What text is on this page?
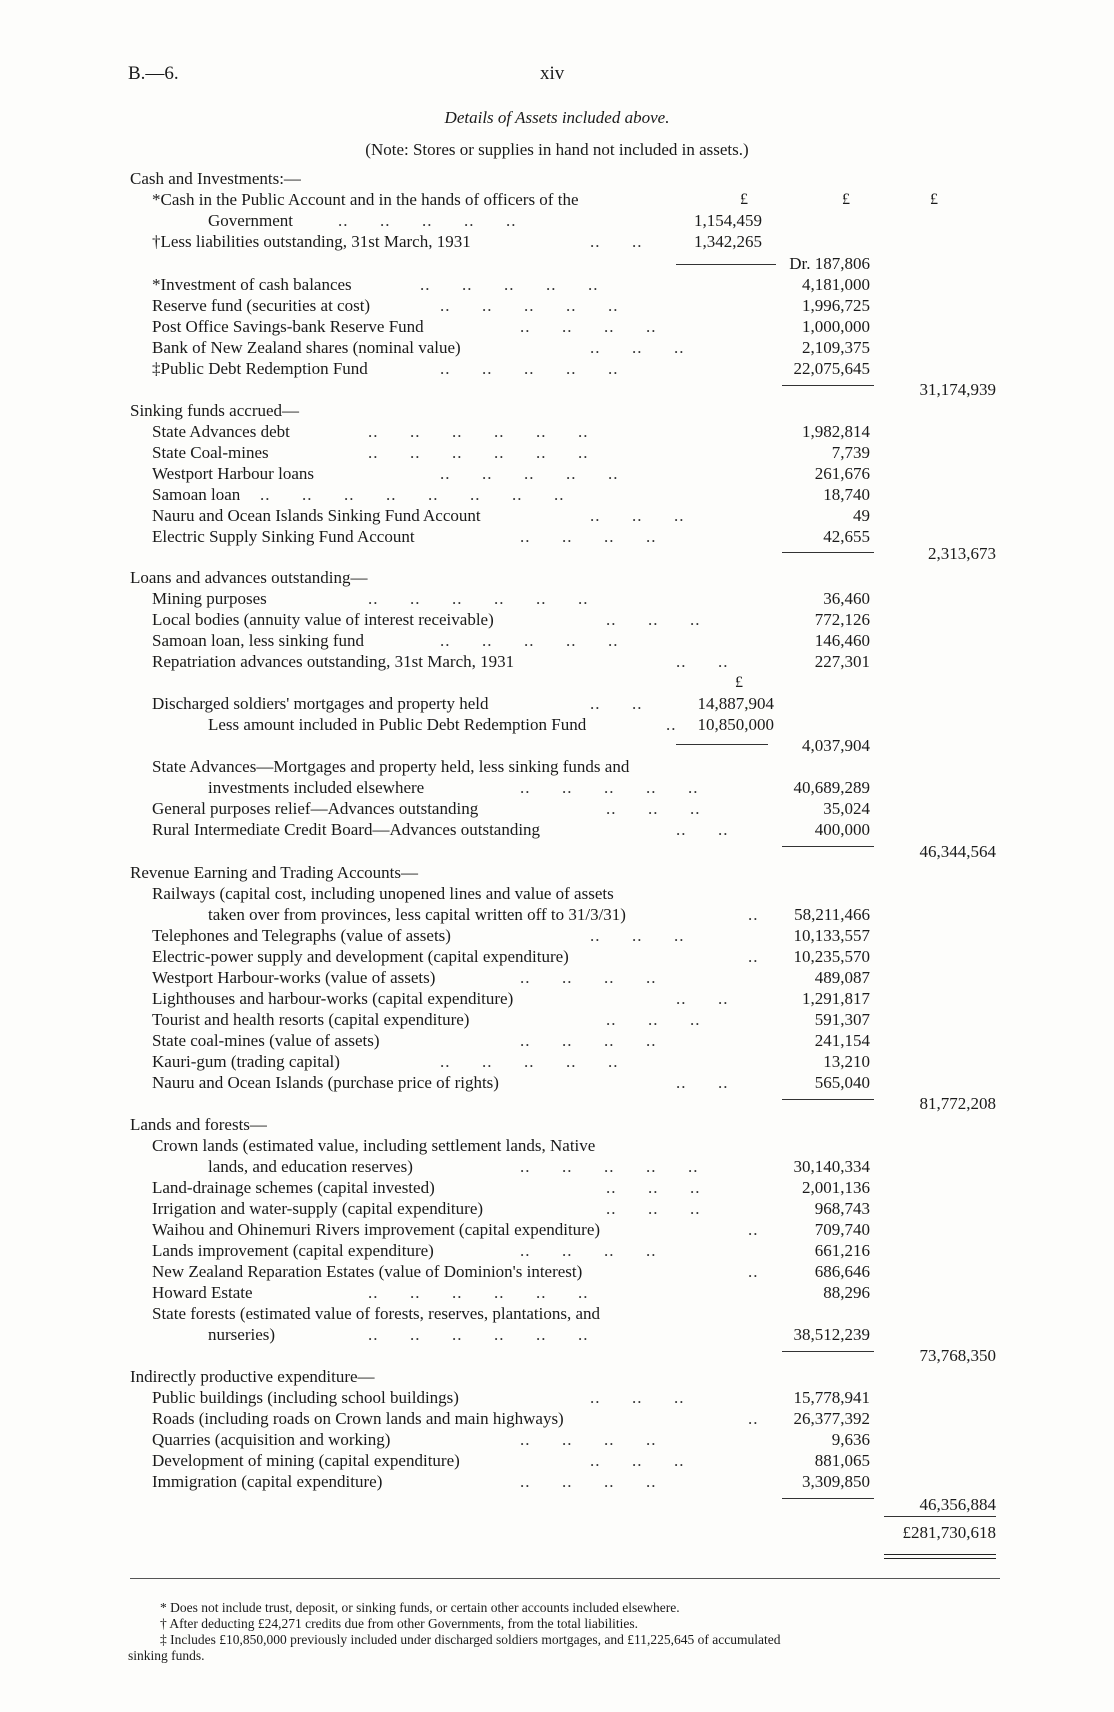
B.—6.	xiv
Details of Assets included above.
(Note: Stores or supplies in hand not included in assets.)
Cash and Investments:—
*Cash in the Public Account and in the hands of officers of the	£	£	£
Government	..      ..      ..      ..      ..	1,154,459
†Less liabilities outstanding, 31st March, 1931	..      ..	1,342,265
Dr. 187,806
*Investment of cash balances	..      ..      ..      ..      ..	4,181,000
Reserve fund (securities at cost)	..      ..      ..      ..      ..	1,996,725
Post Office Savings-bank Reserve Fund	..      ..      ..      ..	1,000,000
Bank of New Zealand shares (nominal value)	..      ..      ..	2,109,375
‡Public Debt Redemption Fund	..      ..      ..      ..      ..	22,075,645
31,174,939
Sinking funds accrued—
State Advances debt	..      ..      ..      ..      ..      ..	1,982,814
State Coal-mines	..      ..      ..      ..      ..      ..	7,739
Westport Harbour loans	..      ..      ..      ..      ..	261,676
Samoan loan ..      ..      ..      ..      ..      ..      ..      ..	18,740
Nauru and Ocean Islands Sinking Fund Account	..      ..      ..	49
Electric Supply Sinking Fund Account	..      ..      ..      ..	42,655
2,313,673
Loans and advances outstanding—
Mining purposes	..      ..      ..      ..      ..      ..	36,460
Local bodies (annuity value of interest receivable)	..      ..      ..	772,126
Samoan loan, less sinking fund	..      ..      ..      ..      ..	146,460
Repatriation advances outstanding, 31st March, 1931	..      ..	227,301
£
Discharged soldiers' mortgages and property held	..      ..	14,887,904
Less amount included in Public Debt Redemption Fund	.. 10,850,000
4,037,904
State Advances—Mortgages and property held, less sinking funds and
investments included elsewhere	..      ..      ..      ..      ..	40,689,289
General purposes relief—Advances outstanding	..      ..      ..	35,024
Rural Intermediate Credit Board—Advances outstanding	..      ..	400,000
46,344,564
Revenue Earning and Trading Accounts—
Railways (capital cost, including unopened lines and value of assets
taken over from provinces, less capital written off to 31/3/31)	.. 58,211,466
Telephones and Telegraphs (value of assets)	..      ..      ..	10,133,557
Electric-power supply and development (capital expenditure)	.. 10,235,570
Westport Harbour-works (value of assets)	..      ..      ..      ..	489,087
Lighthouses and harbour-works (capital expenditure)	..      ..	1,291,817
Tourist and health resorts (capital expenditure)	..      ..      ..	591,307
State coal-mines (value of assets)	..      ..      ..      ..	241,154
Kauri-gum (trading capital)	..      ..      ..      ..      ..	13,210
Nauru and Ocean Islands (purchase price of rights)	..      ..	565,040
81,772,208
Lands and forests—
Crown lands (estimated value, including settlement lands, Native
lands, and education reserves)	..      ..      ..      ..      ..	30,140,334
Land-drainage schemes (capital invested)	..      ..      ..	2,001,136
Irrigation and water-supply (capital expenditure)	..      ..      ..	968,743
Waihou and Ohinemuri Rivers improvement (capital expenditure)	..	709,740
Lands improvement (capital expenditure)	..      ..      ..      ..	661,216
New Zealand Reparation Estates (value of Dominion's interest)	..	686,646
Howard Estate	..      ..      ..      ..      ..      ..	88,296
State forests (estimated value of forests, reserves, plantations, and
nurseries)	..      ..      ..      ..      ..      ..	38,512,239
73,768,350
Indirectly productive expenditure—
Public buildings (including school buildings)	..      ..      ..	15,778,941
Roads (including roads on Crown lands and main highways)	.. 26,377,392
Quarries (acquisition and working)	..      ..      ..      ..	9,636
Development of mining (capital expenditure)	..      ..      ..	881,065
Immigration (capital expenditure)	..      ..      ..      ..	3,309,850
46,356,884
£281,730,618
* Does not include trust, deposit, or sinking funds, or certain other accounts included elsewhere.
† After deducting £24,271 credits due from other Governments, from the total liabilities.
‡ Includes £10,850,000 previously included under discharged soldiers mortgages, and £11,225,645 of accumulated
sinking funds.
